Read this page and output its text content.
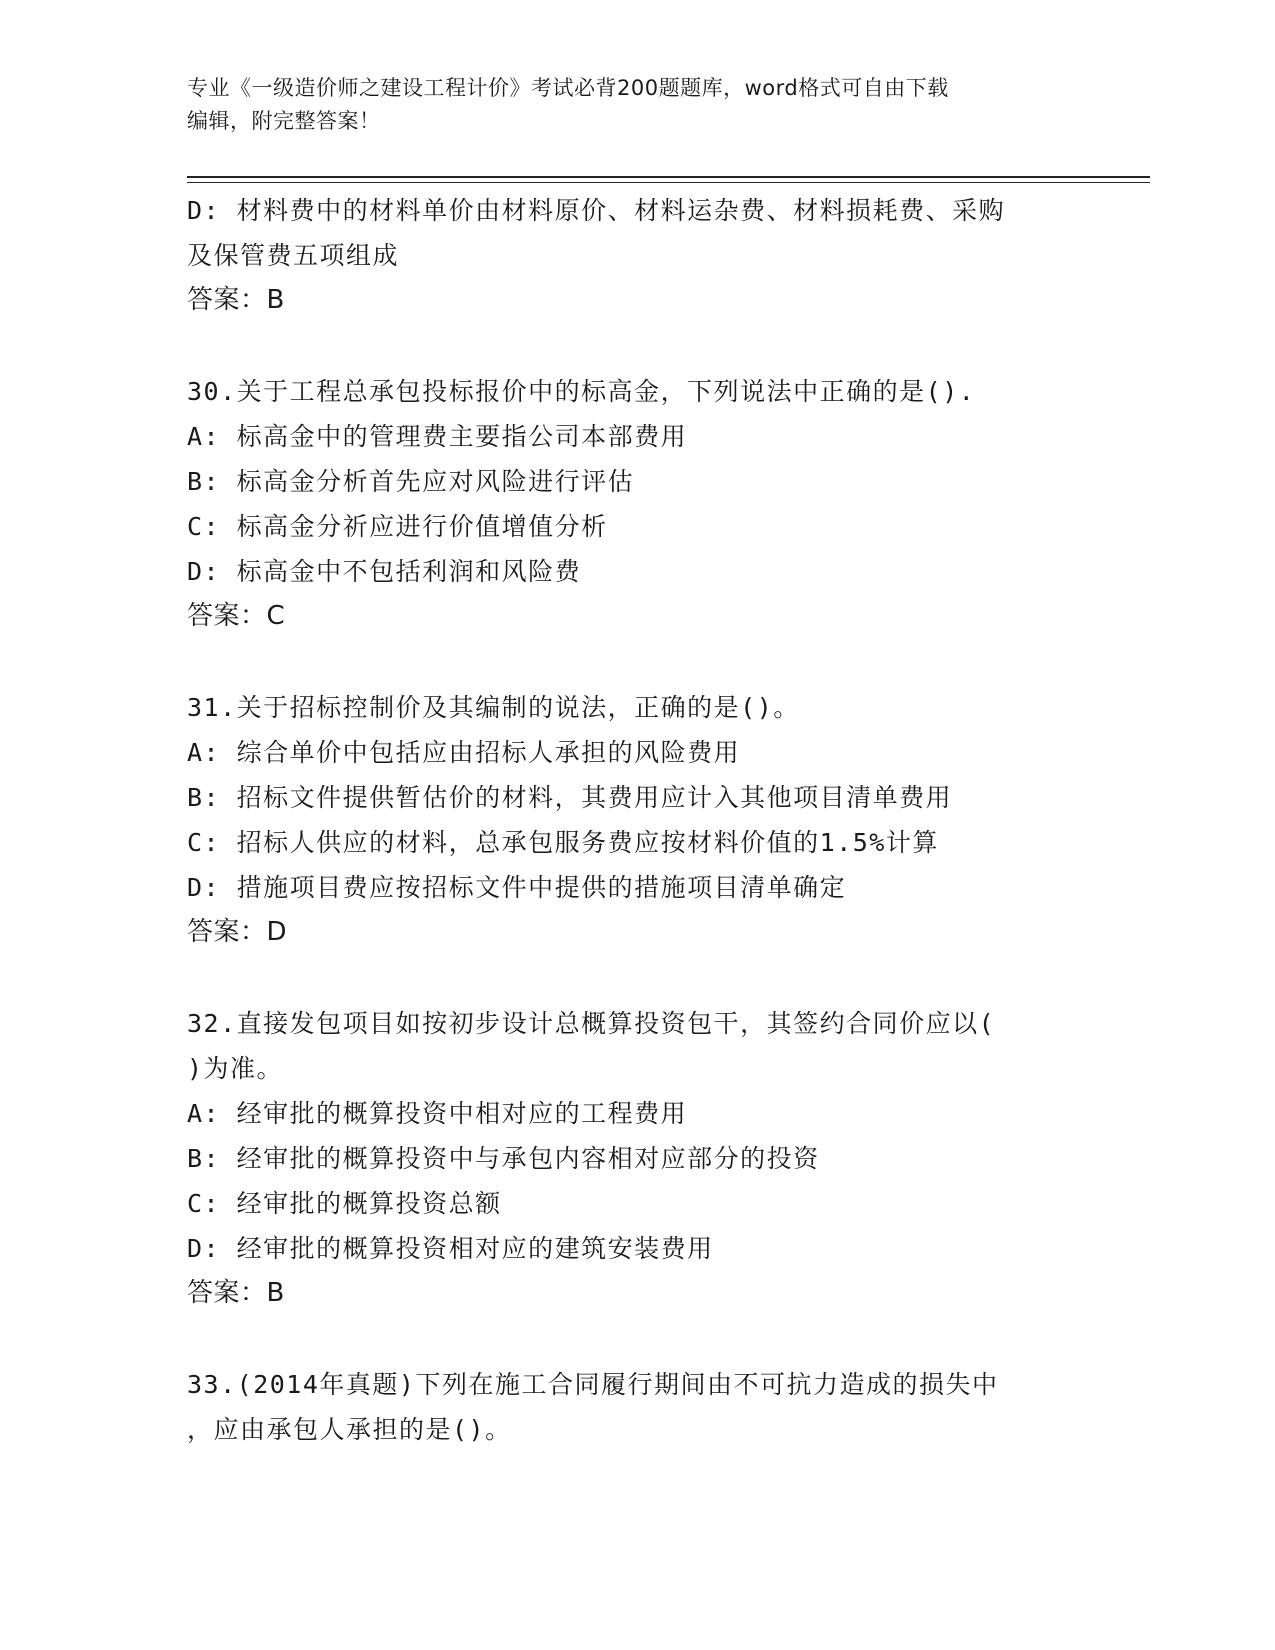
专业《一级造价师之建设工程计价》考试必背200题题库，word格式可自由下载
编辑，附完整答案！
D: 材料费中的材料单价由材料原价、材料运杂费、材料损耗费、采购
及保管费五项组成
答案：B
30.关于工程总承包投标报价中的标高金，下列说法中正确的是().
A: 标高金中的管理费主要指公司本部费用
B: 标高金分析首先应对风险进行评估
C: 标高金分祈应进行价值增值分析
D: 标高金中不包括利润和风险费
答案：C
31.关于招标控制价及其编制的说法，正确的是()。
A: 综合单价中包括应由招标人承担的风险费用
B: 招标文件提供暂估价的材料，其费用应计入其他项目清单费用
C: 招标人供应的材料，总承包服务费应按材料价值的1.5%计算
D: 措施项目费应按招标文件中提供的措施项目清单确定
答案：D
32.直接发包项目如按初步设计总概算投资包干，其签约合同价应以(
)为准。
A: 经审批的概算投资中相对应的工程费用
B: 经审批的概算投资中与承包内容相对应部分的投资
C: 经审批的概算投资总额
D: 经审批的概算投资相对应的建筑安装费用
答案：B
33.(2014年真题)下列在施工合同履行期间由不可抗力造成的损失中
，应由承包人承担的是()。
